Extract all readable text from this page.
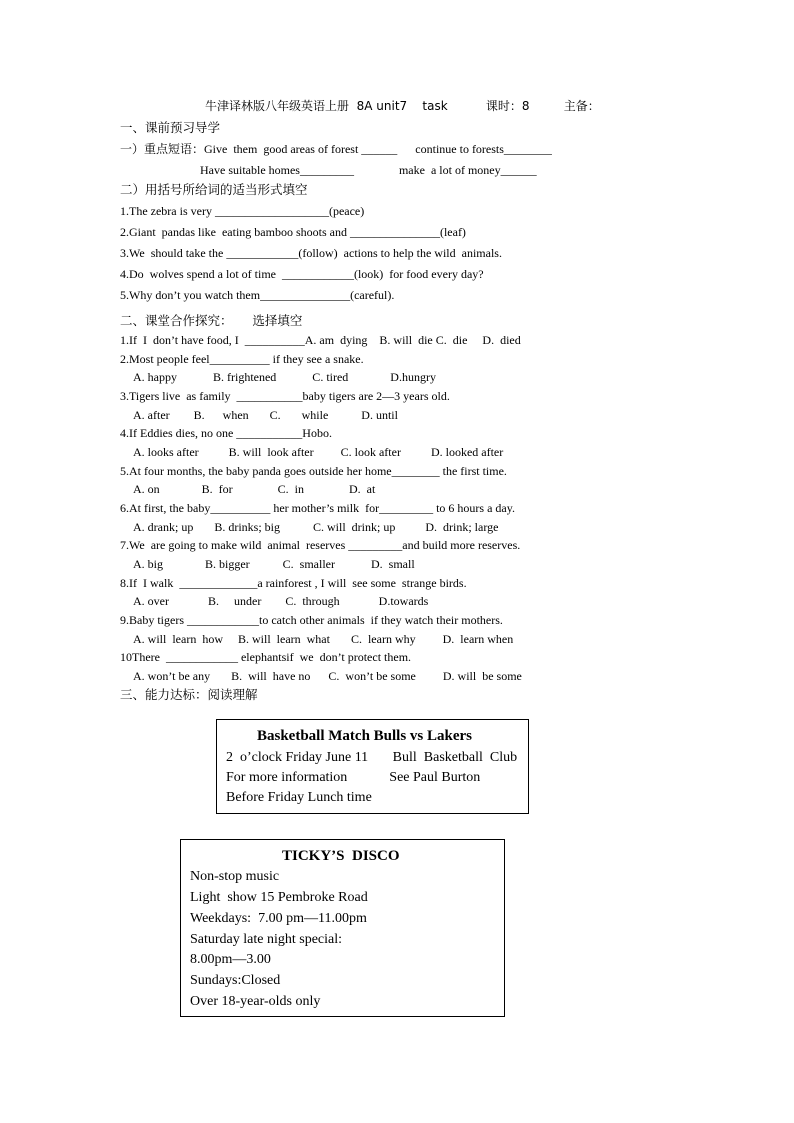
牛津译林版八年级英语上册  8A unit7    task          课时：8         主备：
一、课前预习导学
一）重点短语：Give  them  good areas of forest ______      continue to forests________
Have suitable homes_________               make  a lot of money______
二）用括号所给词的适当形式填空
1.The zebra is very ___________________(peace)
2.Giant  pandas like  eating bamboo shoots and _______________(leaf)
3.We  should take the ____________(follow)  actions to help the wild  animals.
4.Do  wolves spend a lot of time  ____________(look)  for food every day?
5.Why don’t you watch them_______________(careful).
二、课堂合作探究：     选择填空
1.If  I  don’t have food, I  __________A. am  dying    B. will  die C.  die     D.  died
2.Most people feel__________ if they see a snake.
A. happy            B. frightened            C. tired              D.hungry
3.Tigers live  as family  ___________baby tigers are 2—3 years old.
A. after        B.      when       C.       while           D. until
4.If Eddies dies, no one ___________Hobo.
A. looks after          B. will  look after         C. look after          D. looked after
5.At four months, the baby panda goes outside her home________ the first time.
A. on              B.  for               C.  in               D.  at
6.At first, the baby__________ her mother’s milk  for_________ to 6 hours a day.
A. drank; up       B. drinks; big           C. will  drink; up          D.  drink; large
7.We  are going to make wild  animal  reserves _________and build more reserves.
A. big              B. bigger           C.  smaller            D.  small
8.If  I walk  _____________a rainforest , I will  see some  strange birds.
A. over             B.     under        C.  through             D.towards
9.Baby tigers ____________to catch other animals  if they watch their mothers.
A. will  learn  how     B. will  learn  what       C.  learn why         D.  learn when
10There  ____________ elephantsif  we  don’t protect them.
A. won’t be any       B.  will  have no      C.  won’t be some         D. will  be some
三、能力达标：阅读理解
Basketball Match Bulls vs Lakers
2  o’clock Friday June 11       Bull  Basketball  Club
For more information            See Paul Burton
Before Friday Lunch time
TICKY’S  DISCO
Non-stop music
Light  show 15 Pembroke Road
Weekdays:  7.00 pm—11.00pm
Saturday late night special:
8.00pm—3.00
Sundays:Closed
Over 18-year-olds only
